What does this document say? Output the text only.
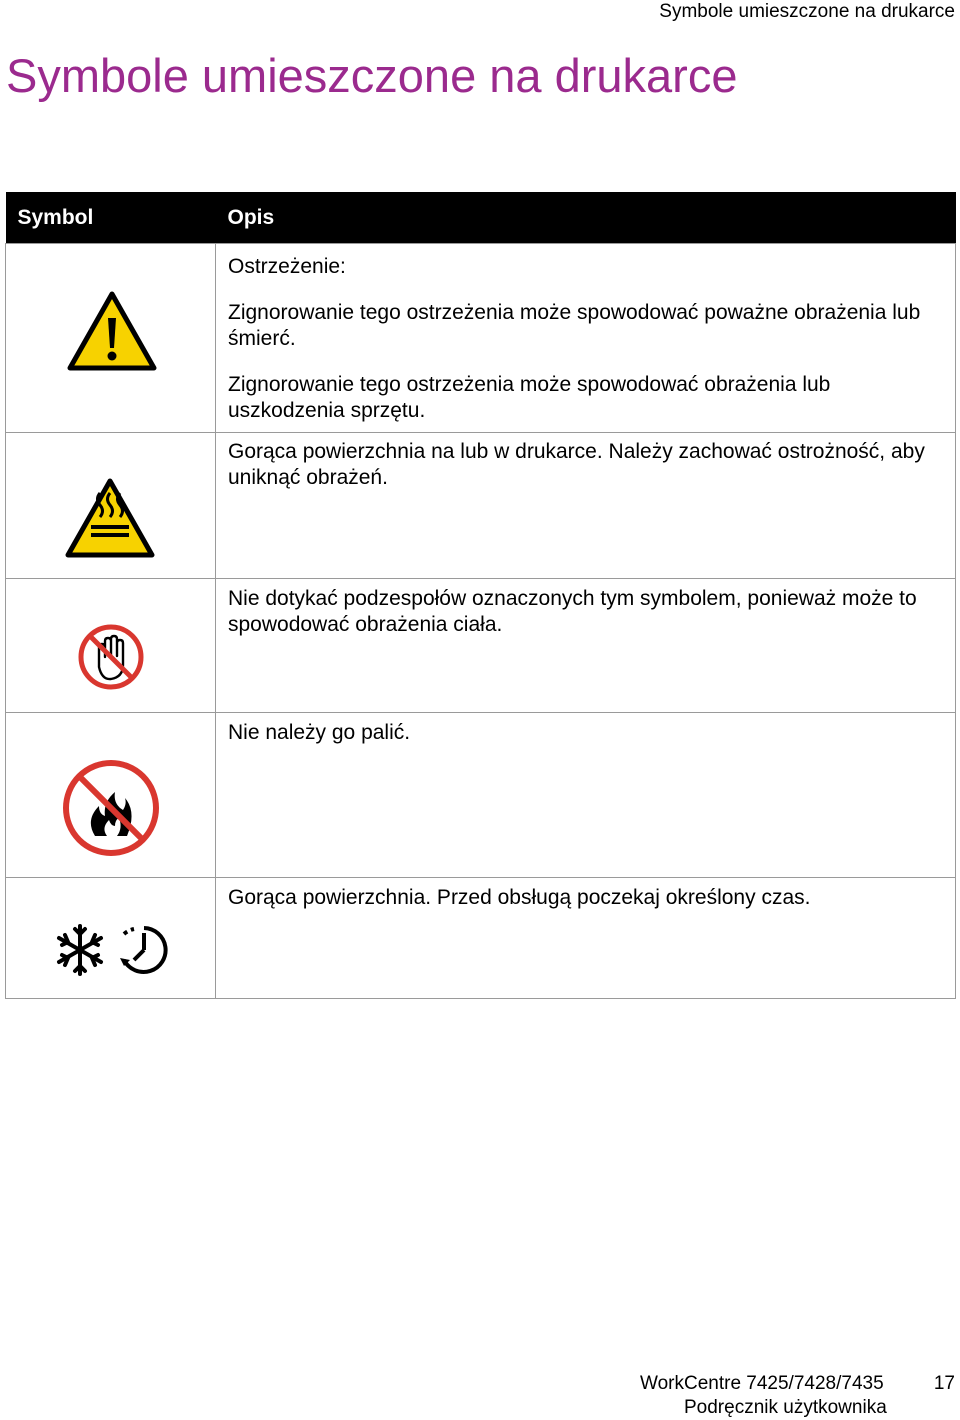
Symbole umieszczone na drukarce
Symbole umieszczone na drukarce
Symbol	Opis

Ostrzeżenie:

Zignorowanie tego ostrzeżenia może spowodować poważne obrażenia lub śmierć.

Zignorowanie tego ostrzeżenia może spowodować obrażenia lub uszkodzenia sprzętu.

Gorąca powierzchnia na lub w drukarce. Należy zachować ostrożność, aby uniknąć obrażeń.

Nie dotykać podzespołów oznaczonych tym symbolem, ponieważ może to spowodować obrażenia ciała.

Nie należy go palić.

Gorąca powierzchnia. Przed obsługą poczekaj określony czas.

WorkCentre 7425/7428/7435	17
Podręcznik użytkownika
